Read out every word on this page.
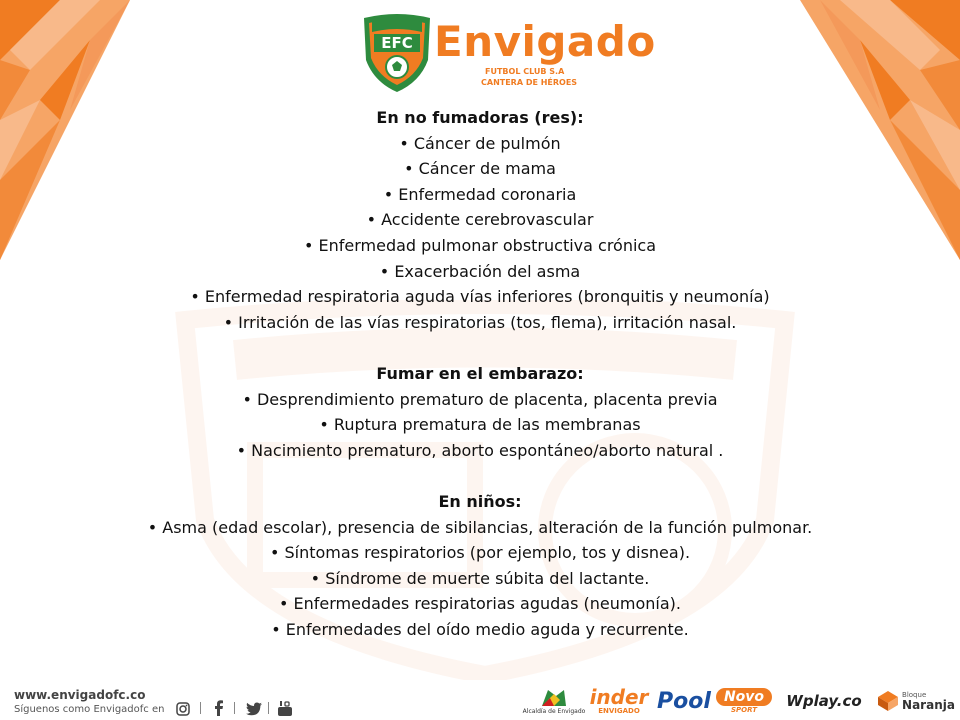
EFC Envigado
FUTBOL CLUB S.A
CANTERA DE HÉROES
En no fumadoras (res):
• Cáncer de pulmón
• Cáncer de mama
• Enfermedad coronaria
• Accidente cerebrovascular
• Enfermedad pulmonar obstructiva crónica
• Exacerbación del asma
• Enfermedad respiratoria aguda vías inferiores (bronquitis y neumonía)
• Irritación de las vías respiratorias (tos, flema), irritación nasal.
Fumar en el embarazo:
• Desprendimiento prematuro de placenta, placenta previa
• Ruptura prematura de las membranas
• Nacimiento prematuro, aborto espontáneo/aborto natural .
En niños:
• Asma (edad escolar), presencia de sibilancias, alteración de la función pulmonar.
• Síntomas respiratorios (por ejemplo, tos y disnea).
• Síndrome de muerte súbita del lactante.
• Enfermedades respiratorias agudas (neumonía).
• Enfermedades del oído medio aguda y recurrente.
www.envigadofc.co
Síguenos como Envigadofc en	Alcaldía de Envigado
inder
ENVIGADO Pool Novo
SPORT Wplay.co	Bloque
Naranja
